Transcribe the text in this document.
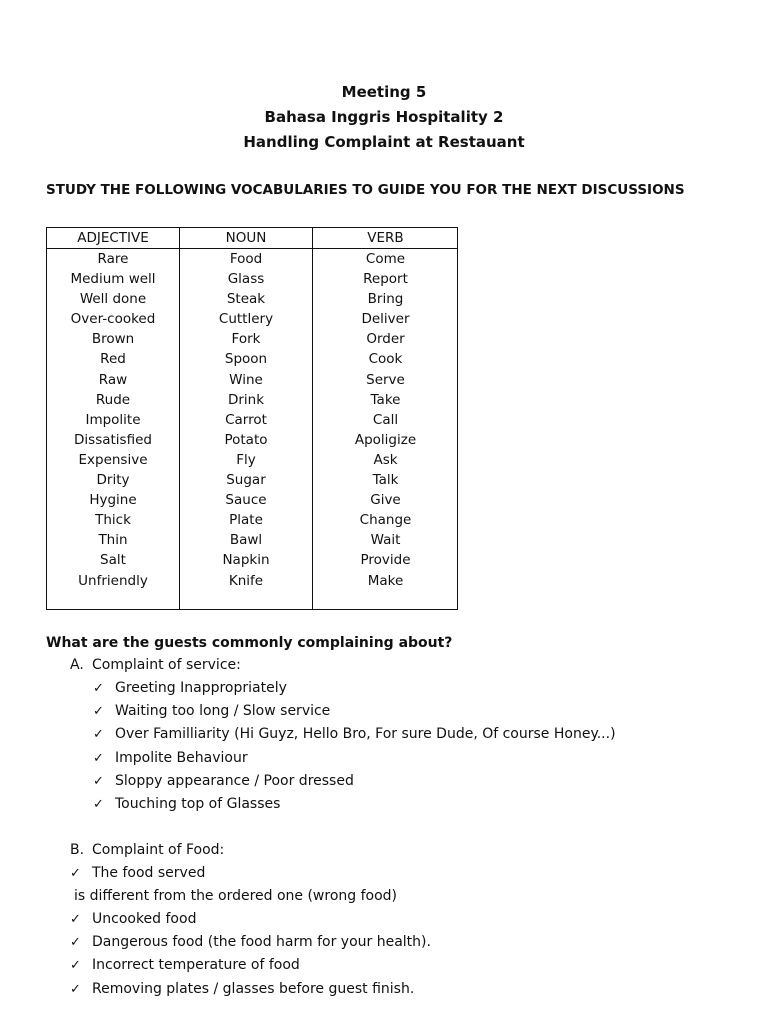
Meeting 5
Bahasa Inggris Hospitality 2
Handling Complaint at Restauant
STUDY THE FOLLOWING VOCABULARIES TO GUIDE YOU FOR THE NEXT DISCUSSIONS
ADJECTIVE
Rare
Medium well
Well done
Over-cooked
Brown
Red
Raw
Rude
Impolite
Dissatisfied
Expensive
Drity
Hygine
Thick
Thin
Salt
Unfriendly
NOUN
Food
Glass
Steak
Cuttlery
Fork
Spoon
Wine
Drink
Carrot
Potato
Fly
Sugar
Sauce
Plate
Bawl
Napkin
Knife
VERB
Come
Report
Bring
Deliver
Order
Cook
Serve
Take
Call
Apoligize
Ask
Talk
Give
Change
Wait
Provide
Make
What are the guests commonly complaining about?
A. Complaint of service:
✓ Greeting Inappropriately
✓ Waiting too long / Slow service
✓ Over Familliarity (Hi Guyz, Hello Bro, For sure Dude, Of course Honey...)
✓ Impolite Behaviour
✓ Sloppy appearance / Poor dressed
✓ Touching top of Glasses
B. Complaint of Food:
✓ The food served
is different from the ordered one (wrong food)
✓ Uncooked food
✓ Dangerous food (the food harm for your health).
✓ Incorrect temperature of food
✓ Removing plates / glasses before guest finish.
